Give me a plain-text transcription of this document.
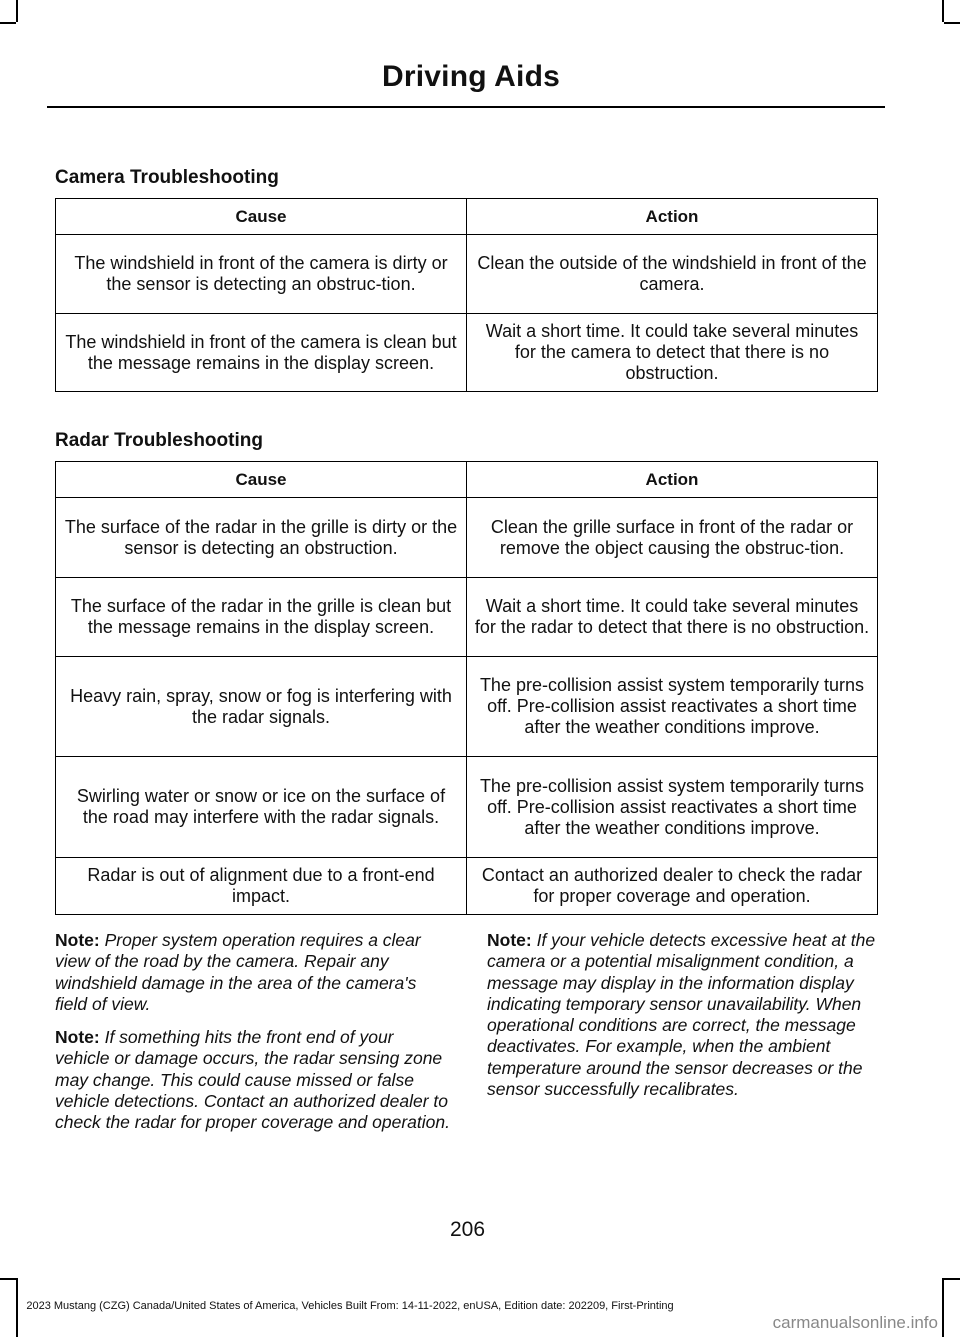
Driving Aids
Camera Troubleshooting
Cause	Action
The windshield in front of the camera is dirty or the sensor is detecting an obstruc-tion.	Clean the outside of the windshield in front of the camera.
The windshield in front of the camera is clean but the message remains in the display screen.	Wait a short time. It could take several minutes for the camera to detect that there is no obstruction.
Radar Troubleshooting
Cause	Action
The surface of the radar in the grille is dirty or the sensor is detecting an obstruction.	Clean the grille surface in front of the radar or remove the object causing the obstruc-tion.
The surface of the radar in the grille is clean but the message remains in the display screen.	Wait a short time. It could take several minutes for the radar to detect that there is no obstruction.
Heavy rain, spray, snow or fog is interfering with the radar signals.	The pre-collision assist system temporarily turns off. Pre-collision assist reactivates a short time after the weather conditions improve.
Swirling water or snow or ice on the surface of the road may interfere with the radar signals.	The pre-collision assist system temporarily turns off. Pre-collision assist reactivates a short time after the weather conditions improve.
Radar is out of alignment due to a front-end impact.	Contact an authorized dealer to check the radar for proper coverage and operation.

Note: Proper system operation requires a clear view of the road by the camera. Repair any windshield damage in the area of the camera's field of view.

Note: If something hits the front end of your vehicle or damage occurs, the radar sensing zone may change. This could cause missed or false vehicle detections. Contact an authorized dealer to check the radar for proper coverage and operation.

Note: If your vehicle detects excessive heat at the camera or a potential misalignment condition, a message may display in the information display indicating temporary sensor unavailability. When operational conditions are correct, the message deactivates. For example, when the ambient temperature around the sensor decreases or the sensor successfully recalibrates.

206
2023 Mustang (CZG) Canada/United States of America, Vehicles Built From: 14-11-2022, enUSA, Edition date: 202209, First-Printing
carmanualsonline.info
